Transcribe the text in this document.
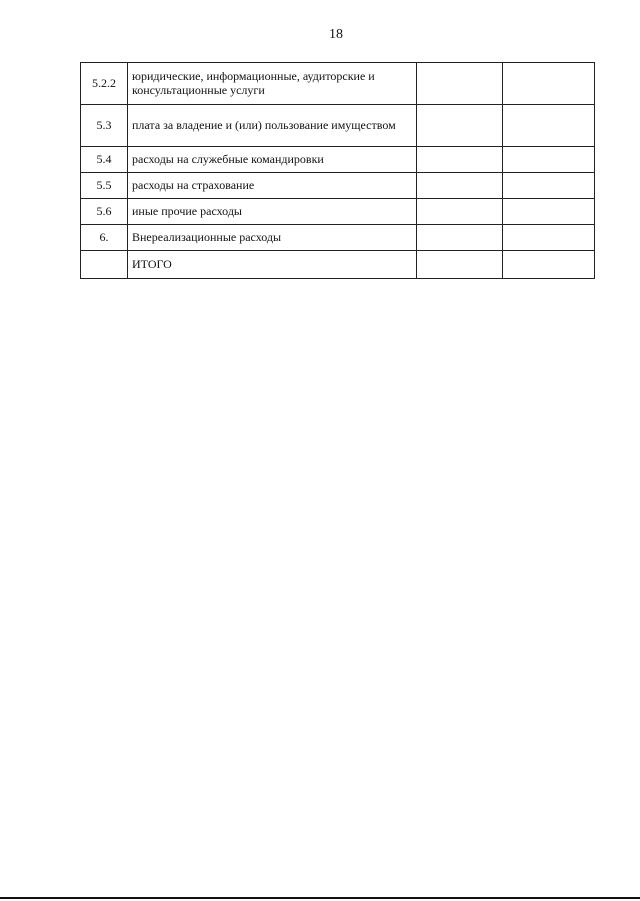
18
5.2.2	юридические, информационные, аудиторские и консультационные услуги		
5.3	плата за владение и (или) пользование имуществом		
5.4	расходы на служебные командировки		
5.5	расходы на страхование		
5.6	иные прочие расходы		
6.	Внереализационные расходы		
	ИТОГО		
